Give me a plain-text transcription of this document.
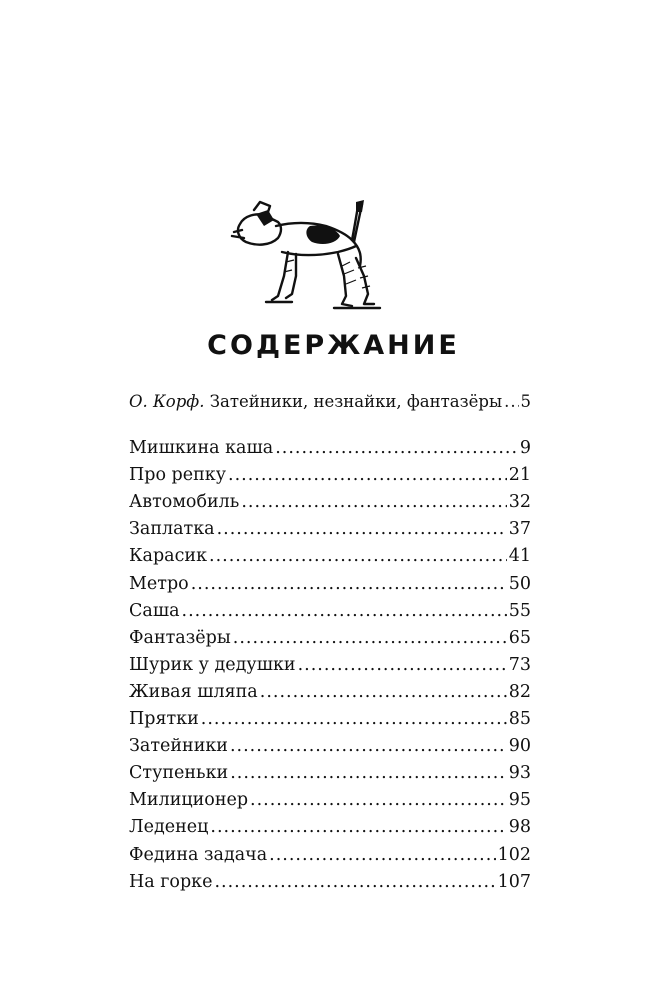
СОДЕРЖАНИЕ
О. Корф. Затейники, незнайки, фантазёры ..... 5
Мишкина каша .....	9
Про репку .....	21
Автомобиль .....	32
Заплатка .....	37
Карасик .....	41
Метро .....	50
Саша .....	55
Фантазёры .....	65
Шурик у дедушки .....	73
Живая шляпа .....	82
Прятки .....	85
Затейники .....	90
Ступеньки .....	93
Милиционер .....	95
Леденец .....	98
Федина задача .....	102
На горке .....	107
